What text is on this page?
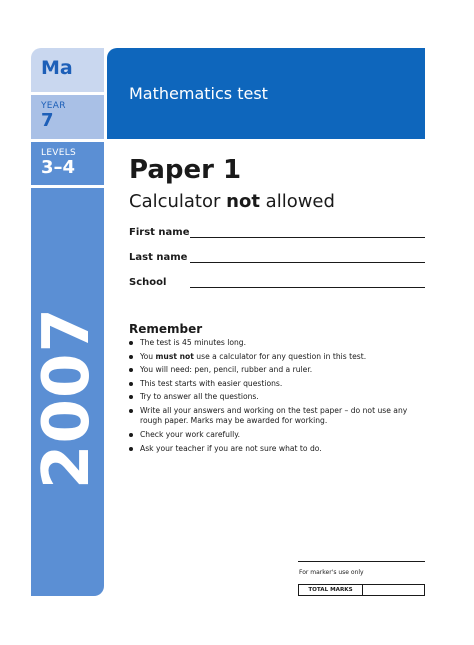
Ma
YEAR
7
LEVELS
3–4
2007
Mathematics test
Paper 1
Calculator not allowed
First name
Last name
School
Remember
The test is 45 minutes long.
You must not use a calculator for any question in this test.
You will need: pen, pencil, rubber and a ruler.
This test starts with easier questions.
Try to answer all the questions.
Write all your answers and working on the test paper – do not use any rough paper. Marks may be awarded for working.
Check your work carefully.
Ask your teacher if you are not sure what to do.
For marker's use only
TOTAL MARKS
